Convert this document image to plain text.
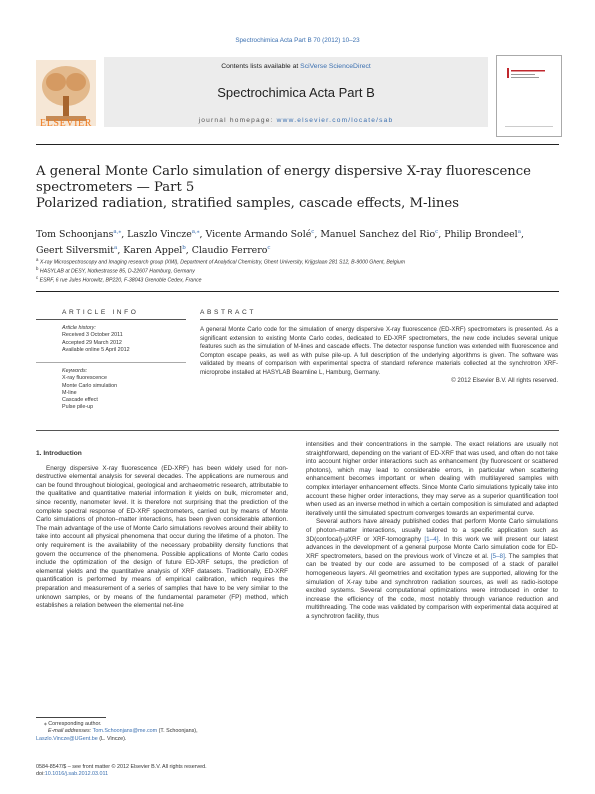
Spectrochimica Acta Part B 70 (2012) 10–23
Contents lists available at SciVerse ScienceDirect
Spectrochimica Acta Part B
journal homepage: www.elsevier.com/locate/sab
ELSEVIER
A general Monte Carlo simulation of energy dispersive X-ray fluorescence
spectrometers — Part 5
Polarized radiation, stratified samples, cascade effects, M-lines
Tom Schoonjans$^{a,⁎}$, Laszlo Vincze$^{a,⁎}$, Vicente Armando Solé$^c$, Manuel Sanchez del Rio$^c$, Philip Brondeel$^a$,
Geert Silversmit$^a$, Karen Appel$^b$, Claudio Ferrero$^c$
$^a$ X-ray Microspectroscopy and Imaging research group (XMI), Department of Analytical Chemistry, Ghent University, Krijgslaan 281 S12, B-9000 Ghent, Belgium
$^b$ HASYLAB at DESY, Notkestrasse 85, D-22607 Hamburg, Germany
$^c$ ESRF, 6 rue Jules Horowitz, BP220, F-38043 Grenoble Cedex, France
ARTICLE INFO
Article history:
Received 3 October 2011
Accepted 29 March 2012
Available online 5 April 2012
Keywords:
X-ray fluorescence
Monte Carlo simulation
M-line
Cascade effect
Pulse pile-up
ABSTRACT
A general Monte Carlo code for the simulation of energy dispersive X-ray fluorescence (ED-XRF) spectrometers is presented. As a significant extension to existing Monte Carlo codes, dedicated to ED-XRF spectrometers, the new code includes several unique features such as the simulation of M-lines and cascade effects. The detector response function was extended with fluorescence and Compton escape peaks, as well as with pulse pile-up. A full description of the underlying algorithms is given. The software was validated by means of comparison with experimental spectra of standard reference materials collected at the synchrotron XRF-microprobe installed at HASYLAB Beamline L, Hamburg, Germany.
© 2012 Elsevier B.V. All rights reserved.

1. Introduction

Energy dispersive X-ray fluorescence (ED-XRF) has been widely used for non-destructive elemental analysis for several decades. The applications are numerous and can be found throughout biological, geological and archaeometric research, attributable to the qualitative and quantitative material information it yields on bulk, micrometer and, since recently, nanometer level. It is therefore not surprising that the prediction of the complete spectral response of ED-XRF spectrometers, carried out by means of Monte Carlo simulations of photon–matter interactions, has been given considerable attention. The main advantage of the use of Monte Carlo simulations revolves around their ability to take into account all physical phenomena that occur during the lifetime of a photon. The only requirement is the availability of the necessary probability density functions that govern the occurrence of the phenomena. Possible applications of Monte Carlo codes include the optimization of the design of future ED-XRF setups, the prediction of elemental yields and the quantitative analysis of XRF datasets. Traditionally, ED-XRF quantification is performed by means of empirical calibration, which requires the preparation and measurement of a series of samples that have to be very similar to the unknown samples, or by means of the fundamental parameter (FP) method, which establishes a relation between the elemental net-line

intensities and their concentrations in the sample. The exact relations are usually not straightforward, depending on the variant of ED-XRF that was used, and often do not take into account higher order interactions such as enhancement (by fluorescent or scattered photons), which may lead to considerable errors, in particular when scattering enhancement becomes important or when dealing with multilayered samples with complex interlayer enhancement effects. Since Monte Carlo simulations typically take into account these higher order interactions, they may serve as a superior quantification tool when used as an inverse method in which a certain composition is simulated and adapted iteratively until the simulated spectrum converges towards an experimental curve.

Several authors have already published codes that perform Monte Carlo simulations of photon–matter interactions, usually tailored to a specific application such as 3D(confocal)-μXRF or XRF-tomography [1–4]. In this work we will present our latest advances in the development of a general purpose Monte Carlo simulation code for ED-XRF spectrometers, based on the previous work of Vincze et al. [5–8]. The samples that can be treated by our code are assumed to be composed of a stack of parallel homogeneous layers. All geometries and excitation types are supported, allowing for the simulation of X-ray tube and synchrotron radiation sources, as well as radio-isotope excited systems. Several computational optimizations were introduced in order to increase the efficiency of the code, most notably through variance reduction and multithreading. The code was validated by comparison with experimental data acquired at a synchrotron facility, thus

⁎ Corresponding author.
E-mail addresses: Tom.Schoonjans@me.com (T. Schoonjans),
Laszlo.Vincze@UGent.be (L. Vincze).
0584-8547/$ – see front matter © 2012 Elsevier B.V. All rights reserved.
doi:10.1016/j.sab.2012.03.011
